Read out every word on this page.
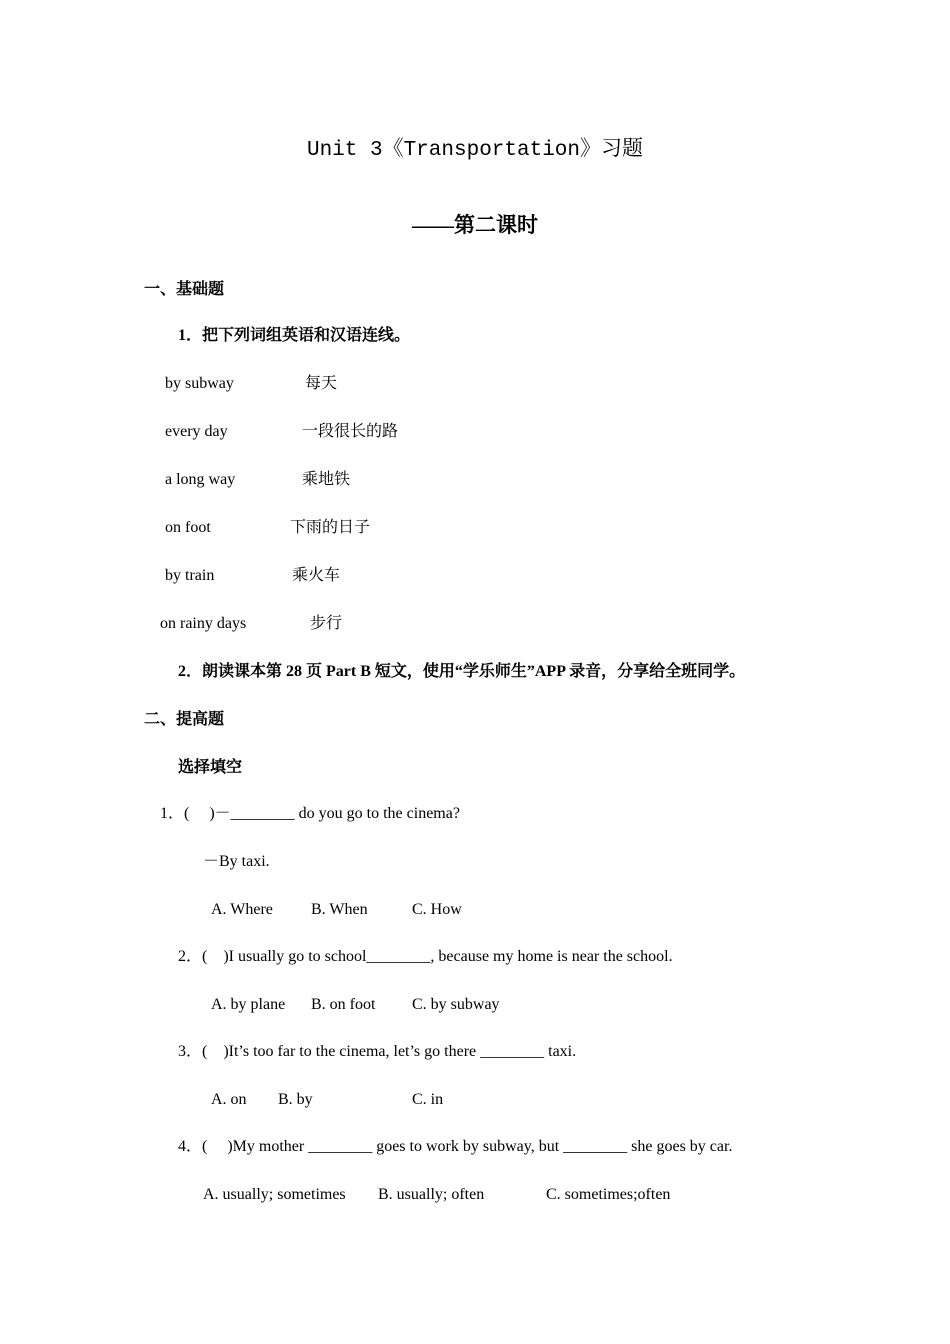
Unit 3《Transportation》习题
——第二课时
一、基础题
1．把下列词组英语和汉语连线。
by subway	每天
every day	一段很长的路
a long way	乘地铁
on foot	下雨的日子
by train	乘火车
on rainy days	步行
2．朗读课本第 28 页 Part B 短文，使用“学乐师生”APP 录音，分享给全班同学。
二、提高题
选择填空
1．(　 )－________ do you go to the cinema?
－By taxi.
A. Where B. When	C. How
2．(　)I usually go to school________, because my home is near the school.
A. by plane B. on foot C. by subway
3．(　)It’s too far to the cinema, let’s go there ________ taxi.
A. on B. by	C. in
4．(　 )My mother ________ goes to work by subway, but ________ she goes by car.
A. usually; sometimes B. usually; often	C. sometimes;often
